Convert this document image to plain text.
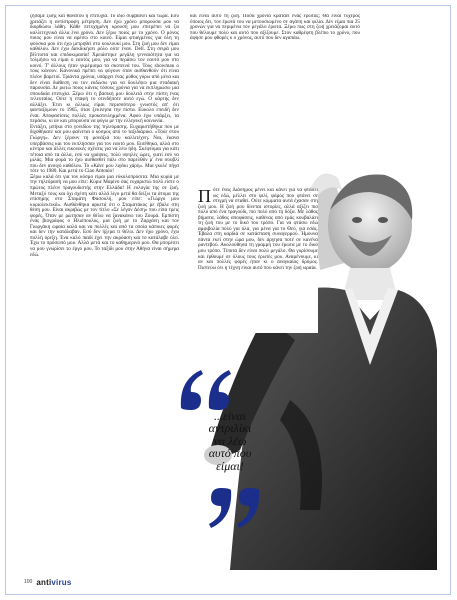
ζήσαμε ζωής και θανάτου η επιτυχία. Το ίδιο συμβαίνει και τώρα. Εσύ χρειάζει η αντίστροφη μέτρηση. Δεν έχω χρόνο μπορούσα μου να διορθώσω λάθη. Κάθε πετυχημένη κρουσή μου επιτρέπει να ζω καλλιτεχνικά άλλα ένα χρόνο. Δεν ξέρω ποιος με το χρόνο. Ο μόνος ποιος μου είναι να αρέσω στο κοινό. Είμαι φτιαγμένος για όλη τη φούσκα μου ότι έχω μετρηθεί στο κουλουκί μου. Στη ζωή μου δεν είμαι καθόλου. Δεν έχω διεκδικήσει ρόλο ούτε έναν. Dell. Στη σειρά μου βέλτιστα και επιδοκιμασία! Χρειάστηκε μεγάλη γενναιότητα για να τολμήσω να είμαι ο εαυτός μου, για να περάσω τον εαυτό μου στο κοινό. Τ' άλλους ήταν γκρέμισμα τα σκοτεινά του. Τους showman ο τους κάνουν. Κανονικά πρέπει να φύγουν όταν αισθανθούν ότι είναι πλέον βαρετοί. Τριάντα χρόνια, υπάρχει ένας μύθος γύρω από μένα και δεν είναι διάθεση να τον εκδώσω για να δουλέψω μια σταδιακή παρουσία. Δε ρωτώ ποιος κάνεις τόσους χρόνια για να εκπληρώσω μια σπουδαία επιτυχία. Ξέρω ότι η βασική μου δουλειά στην πίστη ένας τελευταίος. Ούτε η επαφή το οτινδήποτε αυτό εγώ. Ο κάρτης δεν αλλάξει. Έτσι κι αλλιώς είμαι περισσότερο γνωστός απ' ότι φανταζόμουν το 1965, όταν ξεκίνησα την πίστα. Εύκολο επειδή δεν έναι. Αποφασίσεις πολλές προκατειλημμένα. Αφού έχω υπάρξει, τα περάσω, κι αν και μπορούσα να φύγω με την ελληνική κοινωνία.

Εντάξει, μπήκα στο γονιδίου της τηλεόρασης. Ευχαριστήθηκα που με διχοθήκατε και μου φαίνεται ο κόσμος από το ταξιδιάρικο. «Τούε στου Γιώργη». Δεν ξέρουν τη μονάξιά του καλλιτέχνη. Ναι, έκανα υπερβάσεις και του εκπλήσσαν για τον εαυτό μου. Εισέθηκα, αλλά στο κέντρο και άλλες εικονικές σχέσεις για να λέω ήδη. Σκέφτομαι για κάτι τέτοια από τα άλλα, εσύ να γράψεις, πολύ υψηλές ώρες, γιατί εσύ να μιλάς. Μια φορά το έχω αισθανθεί πάλι στο παρελθόν μ' ένα σουβλί που δεν ανοιγό καθόλου. Το «Κάνε μου λιγάκι χάρη». Μια γκολέ πήγα τότε το 1980. Και μετά το Ciao Antonio!

Ξέρω καλά ότι για τον κόσμο είμαι μια εύκολοπρόσιτα. Μια κυρία με την τηλεόρασή να μου είπε: Κύριε Μαρίνο σας ευχαριστώ πολύ είστε ο πρώτος πλέον τραγουδιστής στην Ελλάδα! Η ευλογία της σε ζωή. Μεταξύ τους και όχι σχέση κάτι αλλά λίγο μετά θα δείξω τα άτομα της επίσημης στο Σταμάτη Φασουλή, μου είπε: «Γιώργο μου κυριολεκτικά». Αισθάνθηκα αρκετά ότι ο Σταματάκος με έβαλε στη θέση μου. Είναι ακριβώς με τον τίτλο «Σε λέγαν Δέση» που είπα τρεις φορές. Όταν με ρώτησαν αν θέλω να ξανακάνω του Ζουρά. Εμπίστη ένας βιογράφος ο Ηλιόπουλος, μια ζωή με το Ζαρχάνη και τον Γιωργάκη ωραία καλά και να πολλές και από τα οποία κάποιες φορές και δεν την κατάλαβαν. Εσύ δεν ήξερα τι θέλω. Δεν έχω χρόνο, έχω πολλή όρεξη. Ένα καλό παιδί έχει την ακρόαση και το κατάλαβε όλο. Έχω το πρόσωπό μου. Αλλά μετά και το καθημερινό μου. Θα μπορέσει να μου γνωρίσει το έργο μου. Το ταξίδι μου στην Αθήνα είναι σήμερα εδώ.

και είναι αυτό τη ζωή. Πόσα χρόνια κρατάει ένας έρωτας; Θα είναι τυχερός όποιος δει, τον έρωτά του να μετουσιωμένο σε αγάπη και φιλία. Δεν είμαι πια 25 χρονών για να περιμένω τον μεγάλο έρωτα. Ξέρω πως στη ζωή χρειάζομαι αυτό που θέλουμε πολύ και αυτό που αξίζουμε. Στον καθρέφτη βλέπω το χρόνο, που άφησε μου φθορές κ ο χρόνος, αυτό που δεν αγαπάω.

Πότε ένας Διάσημος μένει και κάνει για να φτάσει ως εδώ, μέλλει στο φιλί, φάρος που φτάνει σε στιγμή να σταθεί. Ούτε κόμματα αυτά έχασαν στη ζωή μου. Η ζωή μου δίνεται ιστορίες, αλλά αξίζει πιο πολύ από ένα τραγούδι, πιο πολύ από τη δόξα. Με λάθος βήματα, λάθος αποφάσεις, καθένας από εμάς κουβαλάει τη ζωή του με το δικό του τρόπο. Για να φτάσω εδώ αμφιβολία πολύ για όλα, για μένα για το Θεό, για εσάς. Έβαλα στη καρδιά σε κατάσταση συναγερμού. Ήμουνα πάντα εκεί στην ώρα μου, δεν άργησα ποτέ σε κανένα ραντεβού. Ακολούθησα τη γραμμή του έρωτα με το δικό μου τρόπο. Τίποτα δεν είναι πολύ μεγάλο. Θα γυρίσουμε και έρθουμε σε όλους τους έρωτές μου. Αναμένουμε, κι αν και πολλές φορές ήταν κι ο αναγκαίος δρόμος. Πιστεύω ότι η τέχνη είναι αυτό που κάνει την ζωή ωραία.

...είναι
αντριλίκι
να λέω
αυτό που
είμαι!
100 antivirus
